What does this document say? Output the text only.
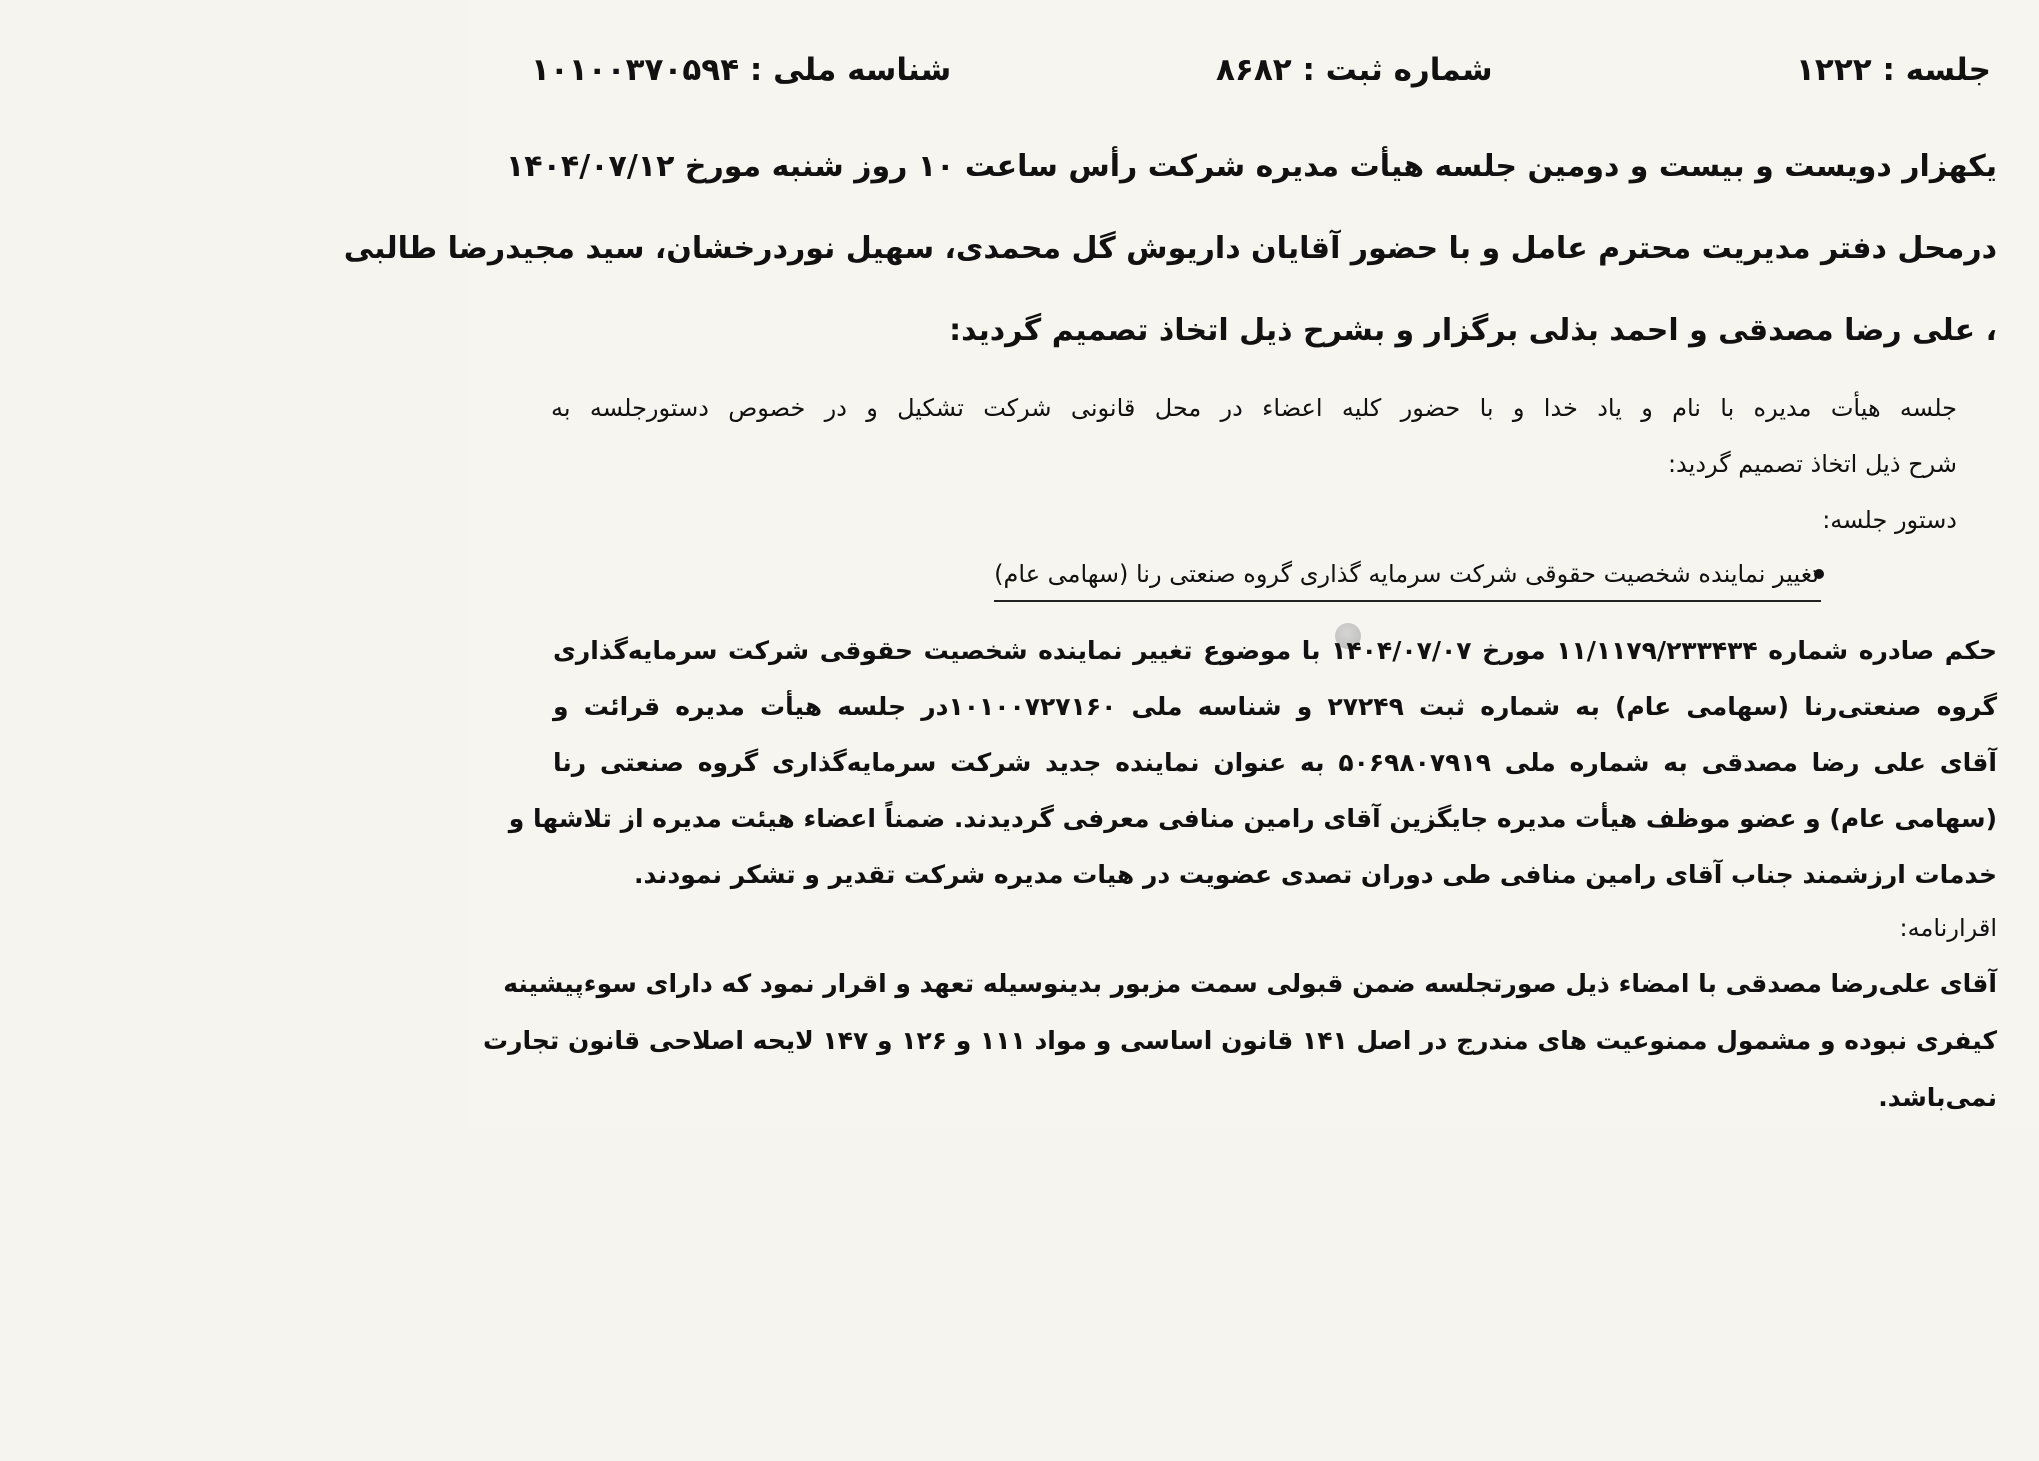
جلسه : ۱۲۲۲
شماره ثبت : ۸۶۸۲
شناسه ملی : ۱۰۱۰۰۳۷۰۵۹۴

یکهزار دویست و بیست و دومین جلسه هیأت مدیره شرکت رأس ساعت ۱۰ روز شنبه مورخ ۱۴۰۴/۰۷/۱۲

درمحل دفتر مدیریت محترم عامل و با حضور آقایان داریوش گل محمدی، سهیل نوردرخشان، سید مجیدرضا طالبی

، علی رضا مصدقی و احمد بذلی برگزار و بشرح ذیل اتخاذ تصمیم گردید:

جلسه هیأت مدیره با نام و یاد خدا و با حضور کلیه اعضاء در محل قانونی شرکت تشکیل و در خصوص دستورجلسه به

شرح ذیل اتخاذ تصمیم گردید:

دستور جلسه:
تغییر نماینده شخصیت حقوقی شرکت سرمایه گذاری گروه صنعتی رنا (سهامی عام)

حکم صادره شماره ۱۱/۱۱۷۹/۲۳۳۴۳۴ مورخ ۱۴۰۴/۰۷/۰۷ با موضوع تغییر نماینده شخصیت حقوقی شرکت سرمایه‌گذاری

گروه صنعتی‌رنا (سهامی عام) به شماره ثبت ۲۷۲۴۹ و شناسه ملی ۱۰۱۰۰۷۲۷۱۶۰در جلسه هیأت مدیره قرائت و

آقای علی رضا مصدقی به شماره ملی ۵۰۶۹۸۰۷۹۱۹ به عنوان نماینده جدید شرکت سرمایه‌گذاری گروه صنعتی رنا

(سهامی عام) و عضو موظف هیأت مدیره جایگزین آقای رامین منافی معرفی گردیدند. ضمناً اعضاء هیئت مدیره از تلاشها و

خدمات ارزشمند جناب آقای رامین منافی طی دوران تصدی عضویت در هیات مدیره شرکت تقدیر و تشکر نمودند.

اقرارنامه:

آقای علی‌رضا مصدقی با امضاء ذیل صورتجلسه ضمن قبولی سمت مزبور بدینوسیله تعهد و اقرار نمود که دارای سوءپیشینه

کیفری نبوده و مشمول ممنوعیت های مندرج در اصل ۱۴۱ قانون اساسی و مواد ۱۱۱ و ۱۲۶ و ۱۴۷ لایحه اصلاحی قانون تجارت

نمی‌باشد.
